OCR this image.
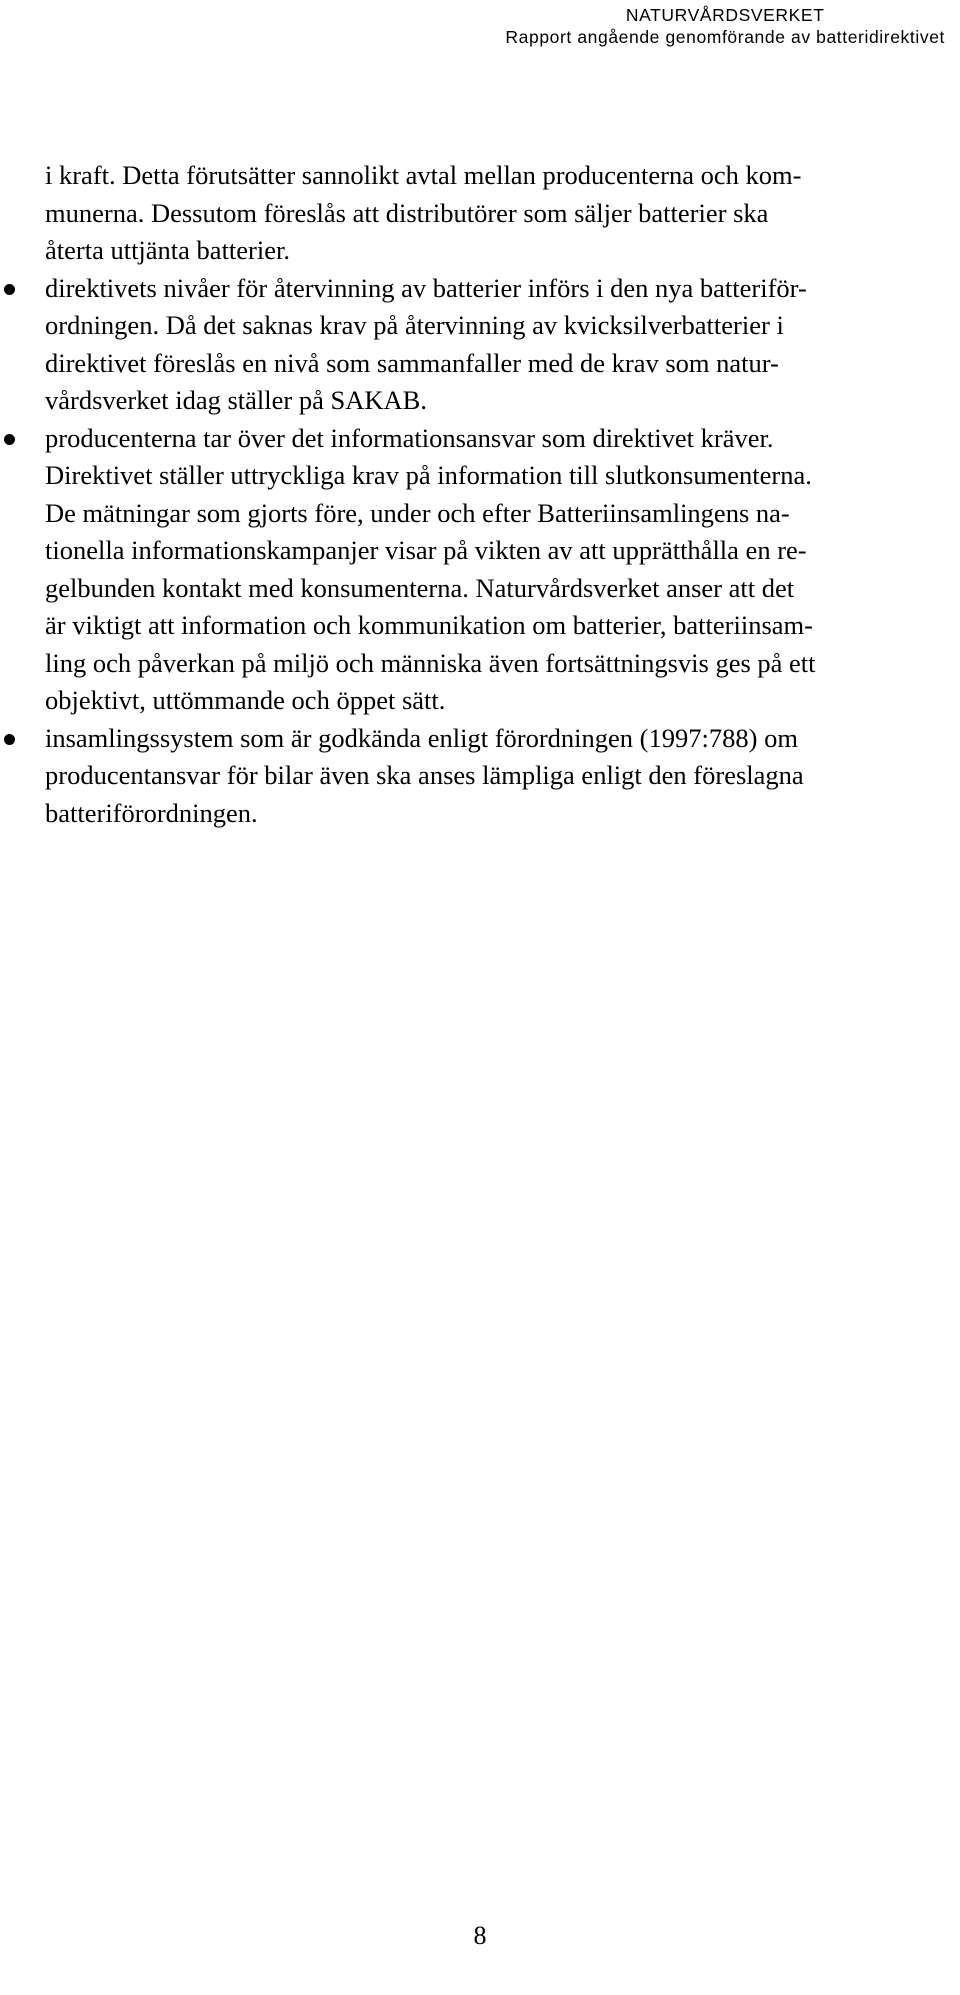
NATURVÅRDSVERKET
Rapport angående genomförande av batteridirektivet

i kraft. Detta förutsätter sannolikt avtal mellan producenterna och kom-
munerna. Dessutom föreslås att distributörer som säljer batterier ska
återta uttjänta batterier.

direktivets nivåer för återvinning av batterier införs i den nya batteriför-
ordningen. Då det saknas krav på återvinning av kvicksilverbatterier i
direktivet föreslås en nivå som sammanfaller med de krav som natur-
vårdsverket idag ställer på SAKAB.
producenterna tar över det informationsansvar som direktivet kräver.
Direktivet ställer uttryckliga krav på information till slutkonsumenterna.
De mätningar som gjorts före, under och efter Batteriinsamlingens na-
tionella informationskampanjer visar på vikten av att upprätthålla en re-
gelbunden kontakt med konsumenterna. Naturvårdsverket anser att det
är viktigt att information och kommunikation om batterier, batteriinsam-
ling och påverkan på miljö och människa även fortsättningsvis ges på ett
objektivt, uttömmande och öppet sätt.
insamlingssystem som är godkända enligt förordningen (1997:788) om
producentansvar för bilar även ska anses lämpliga enligt den föreslagna
batteriförordningen.
8
